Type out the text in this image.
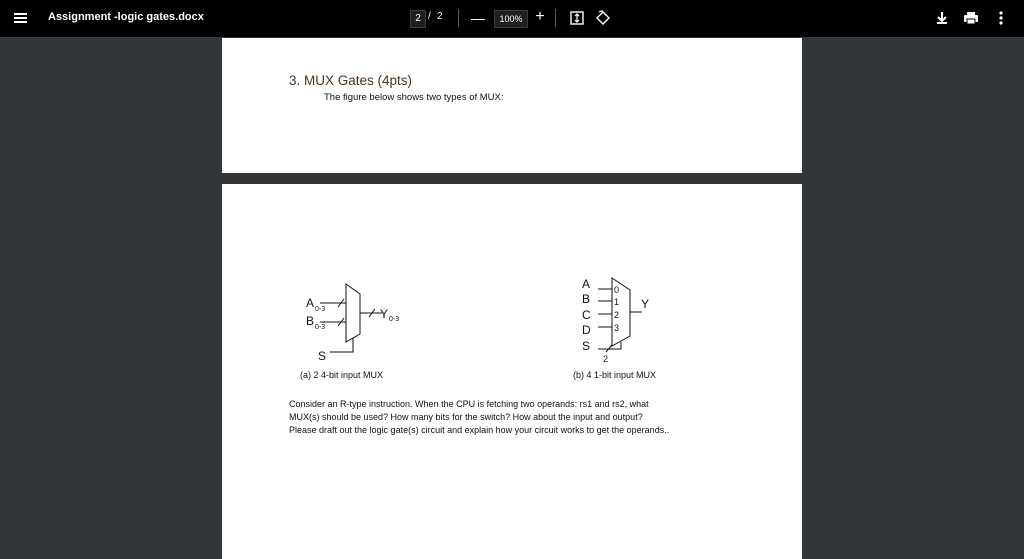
Assignment -logic gates.docx	2 / 2 —	100% +
3. MUX Gates (4pts)
The figure below shows two types of MUX:
A 0-3
B 0-3
Y 0-3
S
(a) 2 4-bit input MUX
A
B
C
D
S
0
1
2
3
Y
2
(b) 4 1-bit input MUX
Consider an R-type instruction. When the CPU is fetching two operands: rs1 and rs2, what
MUX(s) should be used? How many bits for the switch? How about the input and output?
Please draft out the logic gate(s) circuit and explain how your circuit works to get the operands..
